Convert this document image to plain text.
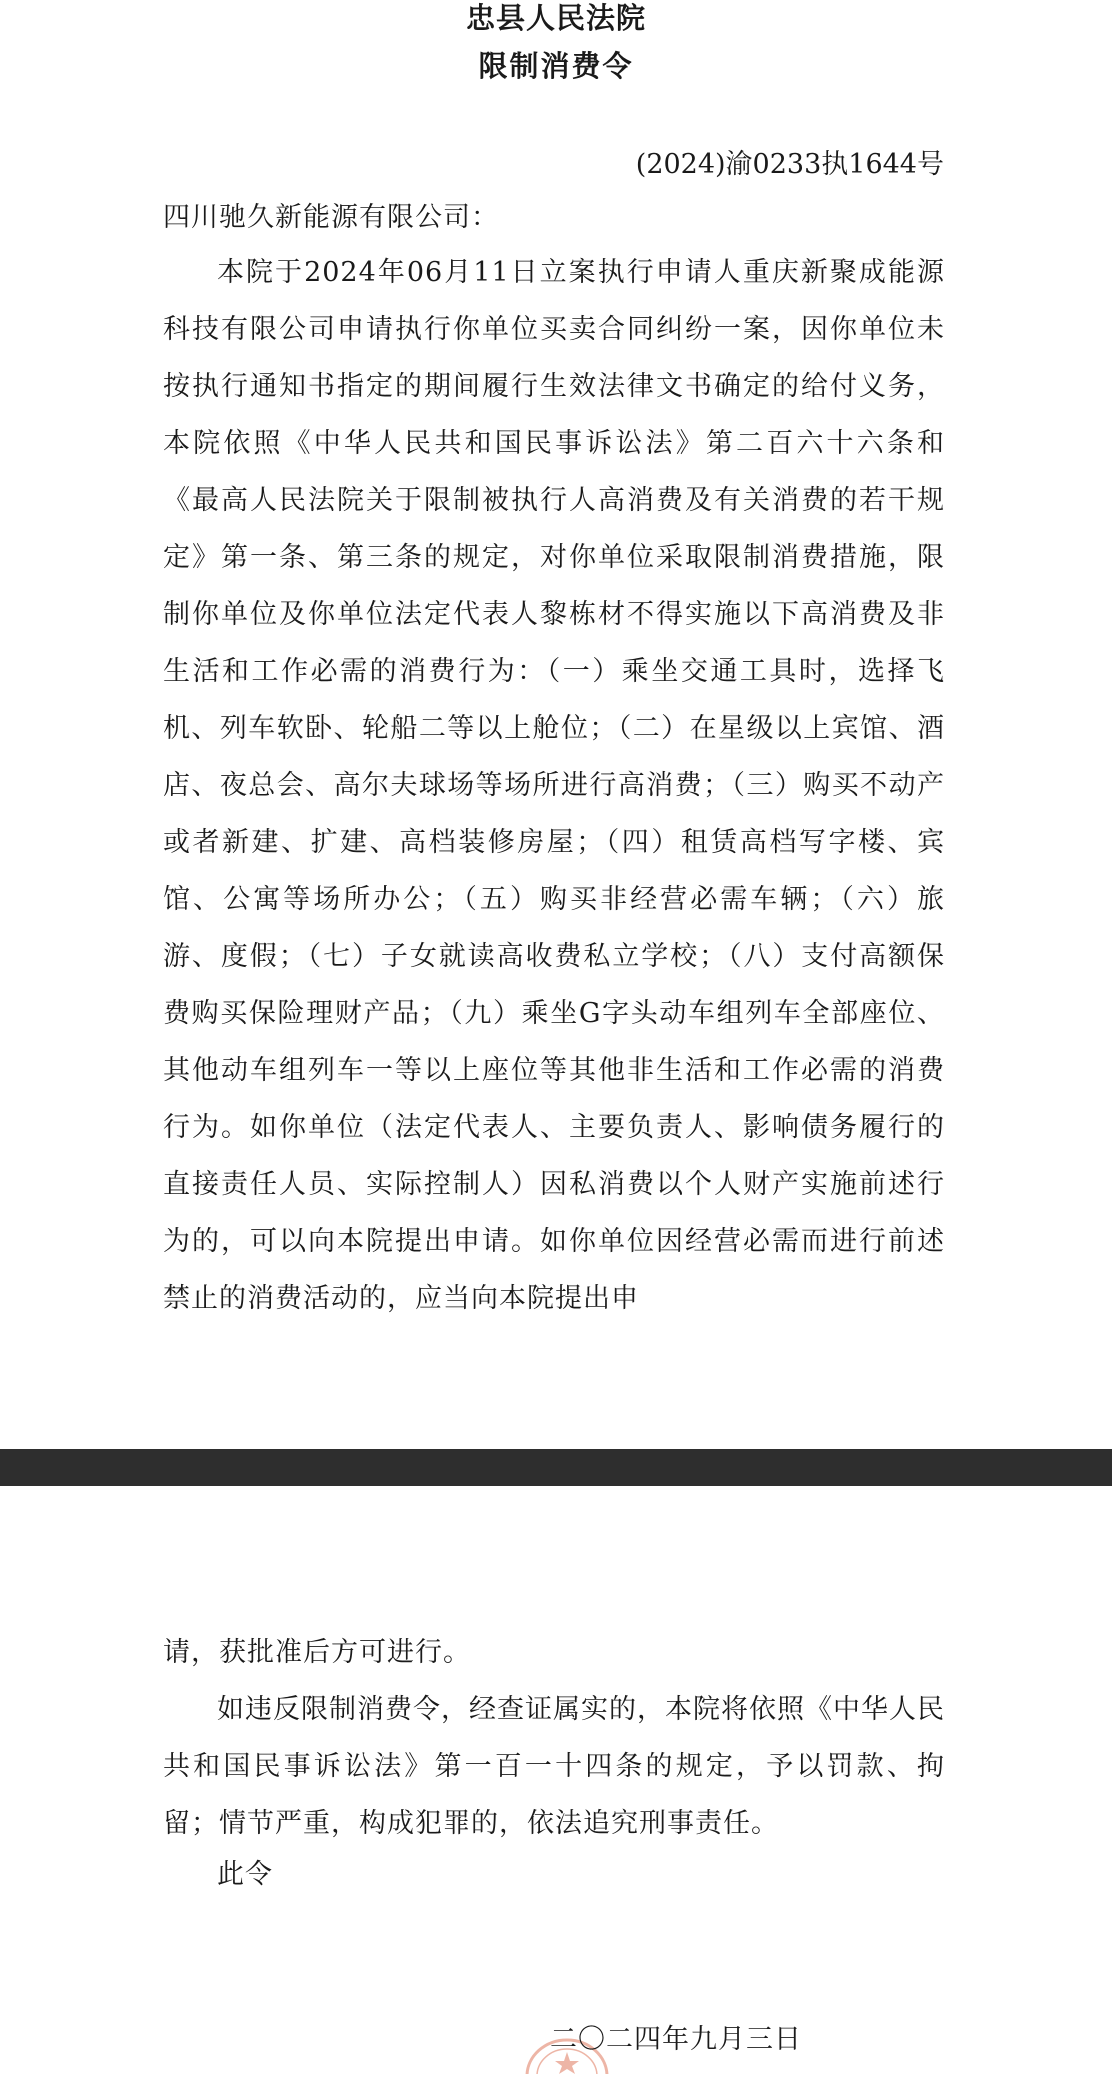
忠县人民法院
限制消费令
(2024)渝0233执1644号
四川驰久新能源有限公司：

本院于2024年06月11日立案执行申请人重庆新聚成能源科技有限公司申请执行你单位买卖合同纠纷一案，因你单位未按执行通知书指定的期间履行生效法律文书确定的给付义务，本院依照《中华人民共和国民事诉讼法》第二百六十六条和《最高人民法院关于限制被执行人高消费及有关消费的若干规定》第一条、第三条的规定，对你单位采取限制消费措施，限制你单位及你单位法定代表人黎栋材不得实施以下高消费及非生活和工作必需的消费行为：（一）乘坐交通工具时，选择飞机、列车软卧、轮船二等以上舱位；（二）在星级以上宾馆、酒店、夜总会、高尔夫球场等场所进行高消费；（三）购买不动产或者新建、扩建、高档装修房屋；（四）租赁高档写字楼、宾馆、公寓等场所办公；（五）购买非经营必需车辆；（六）旅游、度假；（七）子女就读高收费私立学校；（八）支付高额保费购买保险理财产品；（九）乘坐G字头动车组列车全部座位、其他动车组列车一等以上座位等其他非生活和工作必需的消费行为。如你单位（法定代表人、主要负责人、影响债务履行的直接责任人员、实际控制人）因私消费以个人财产实施前述行为的，可以向本院提出申请。如你单位因经营必需而进行前述禁止的消费活动的，应当向本院提出申

请，获批准后方可进行。

如违反限制消费令，经查证属实的，本院将依照《中华人民共和国民事诉讼法》第一百一十四条的规定，予以罚款、拘留；情节严重，构成犯罪的，依法追究刑事责任。

此令
二〇二四年九月三日
